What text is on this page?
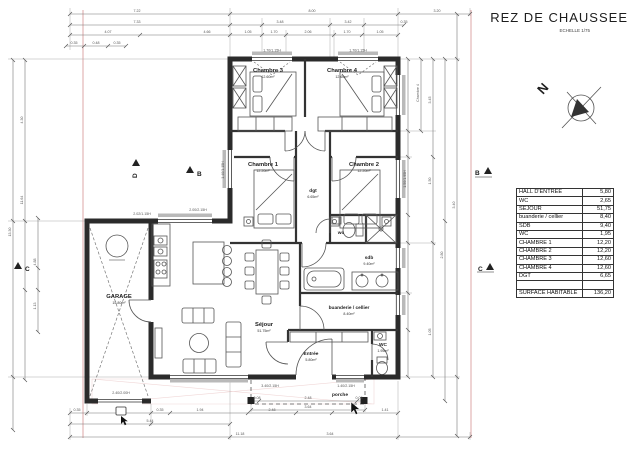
REZ DE CHAUSSEE
ECHELLE 1/75
HALL D'ENTREE	5,80
WC	2,65
SEJOUR	51,75
buanderie / cellier	8,40
SDB	9,40
WC	1,95
CHAMBRE 1	12,20
CHAMBRE 2	12,20
CHAMBRE 3	12,60
CHAMBRE 4	12,60
DGT	6,65

SURFACE HABITABLE	136,20
B
D	B
C	C
N
Chambre 3
12.60m²
Chambre 4
12.60m²
Chambre 1
12.20m²
Chambre 2
12.20m²
dgt
6.65m²
wc
sdb
9.40m²
buanderie / cellier
8.40m²
Séjour
51.75m²
Entrée
5.80m²
WC
1.95m²
GARAGE
15.80m²
porche
7.22	8.00	3.20
7.33	3.48	3.42	0.35
4.07	4.66	1.05	1.70	2.06	1.70	1.05
0.35	0.48	0.35
1.70/1.15H	1.70/1.15H
2.02/1.15H
2.00/2.15H
1.40/1.15H
1.50/1.95H
Chambre 4 3.45
1.50
2.80
3.40
1.05
11.64
13.30
4.88
1.13
4.30
2.40/2.00H
3.40/2.15H	1.40/2.15H
0.08	2.48	0.08
3.64
0.35	0.35	1.94	2.48	1.41
5.44
11.18	3.64
